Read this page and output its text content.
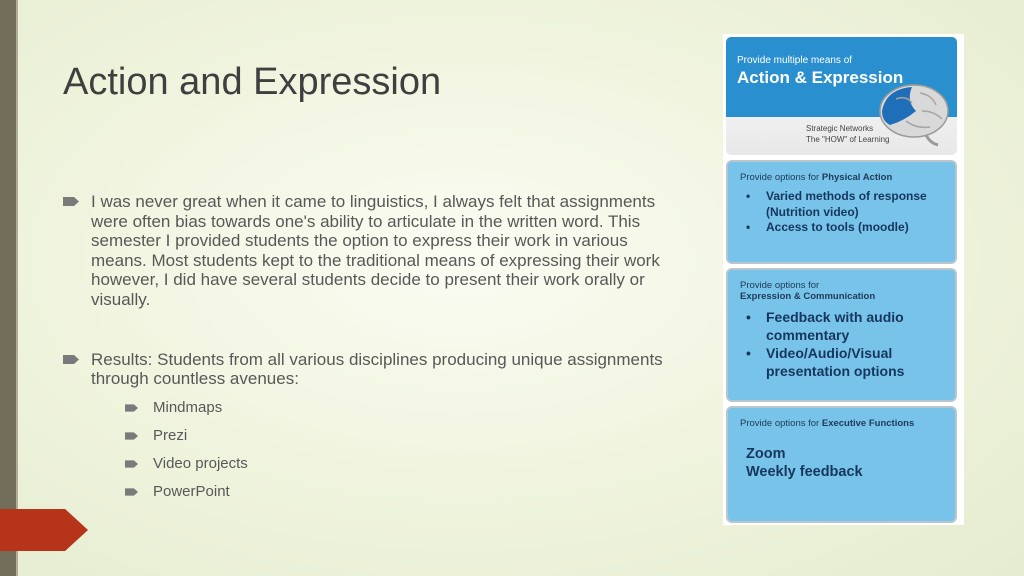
Action and Expression
I was never great when it came to linguistics, I always felt that assignments were often bias towards one's ability to articulate in the written word. This semester I provided students the option to express their work in various means. Most students kept to the traditional means of expressing their work however, I did have several students decide to present their work orally or visually.
Results: Students from all various disciplines producing unique assignments through countless avenues:
Mindmaps
Prezi
Video projects
PowerPoint
Provide multiple means of
Action & Expression
Strategic Networks
The "HOW" of Learning
Provide options for Physical Action
• Varied methods of response (Nutrition video)
• Access to tools (moodle)
Provide options for
Expression & Communication
• Feedback with audio commentary
• Video/Audio/Visual presentation options
Provide options for Executive Functions
Zoom
Weekly feedback
